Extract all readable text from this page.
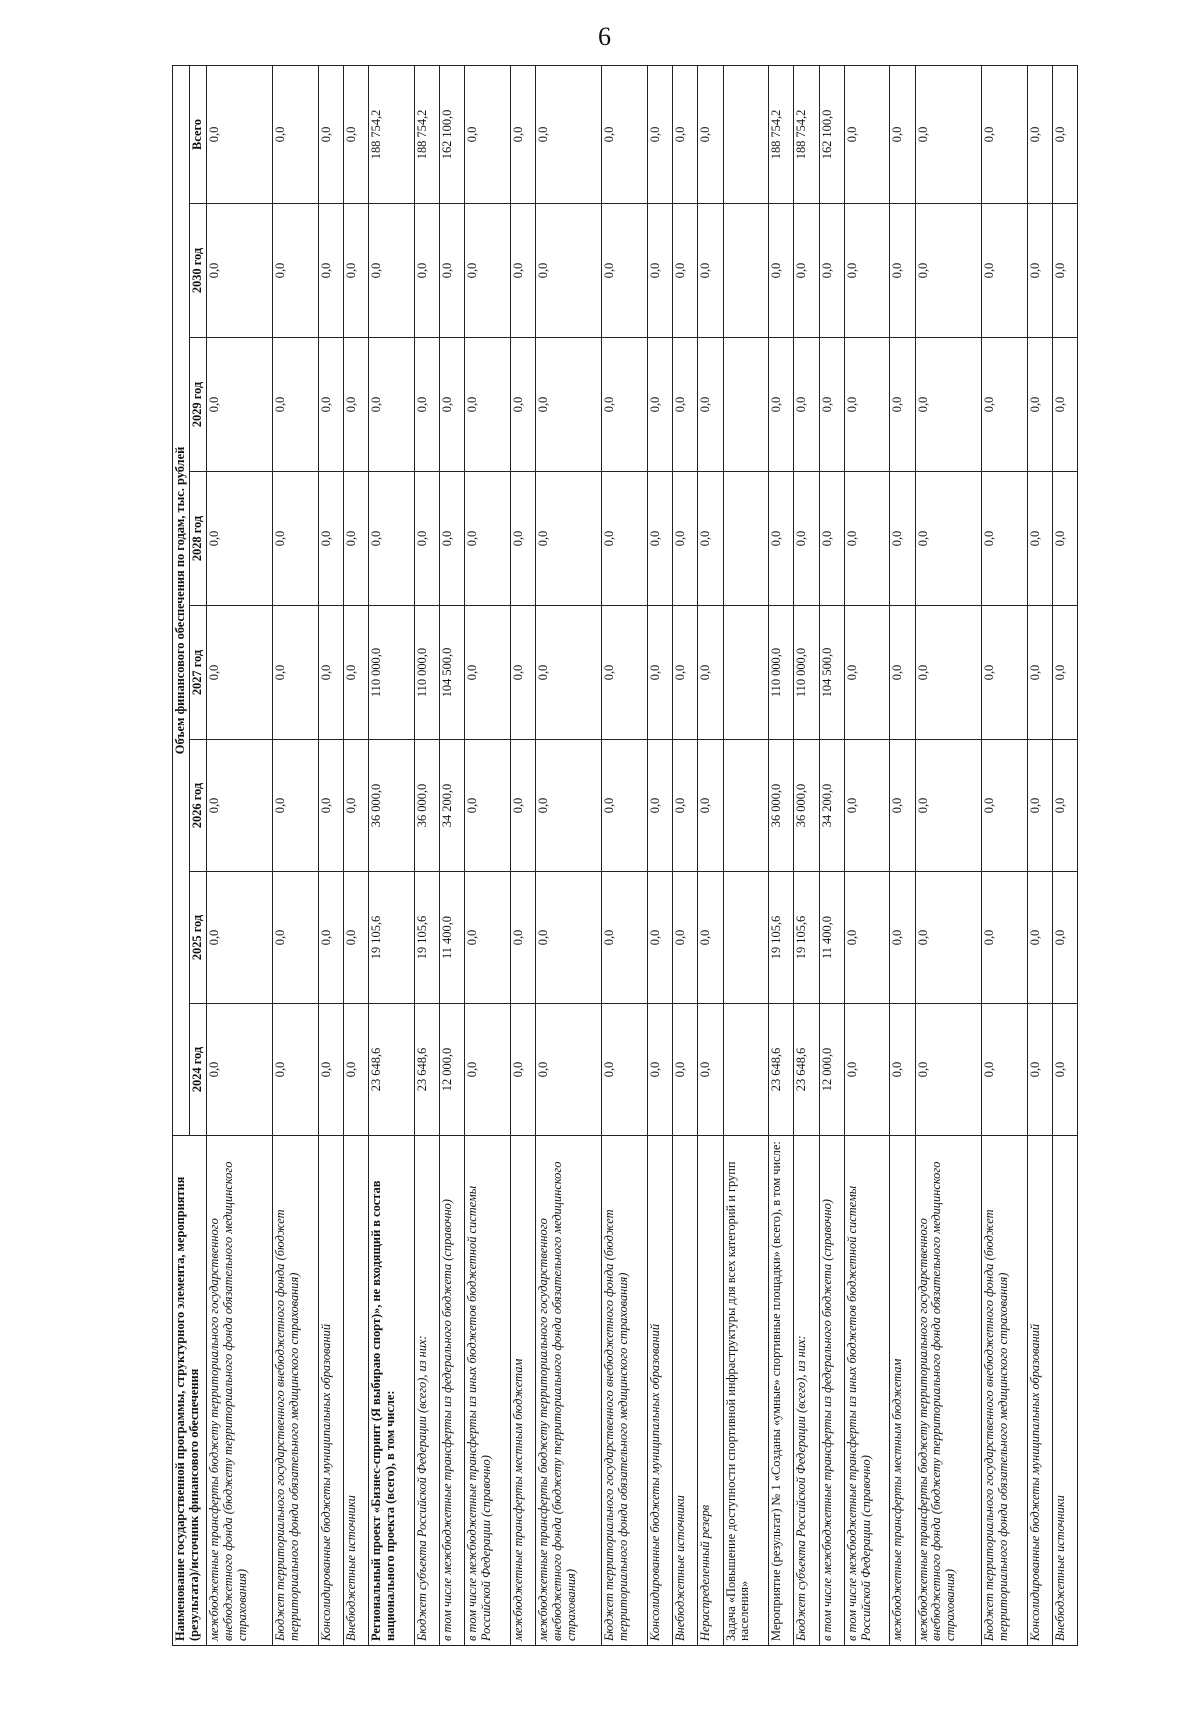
6
Наименование государственной программы, структурного элемента, мероприятия (результата)/источник финансового обеспечения	Объем финансового обеспечения по годам, тыс. рублей							
	2024 год	2025 год	2026 год	2027 год	2028 год	2029 год	2030 год	Всего
межбюджетные трансферты бюджету территориального государственного внебюджетного фонда (бюджету территориального фонда обязательного медицинского страхования)	0,0	0,0	0,0	0,0	0,0	0,0	0,0	0,0
Бюджет территориального государственного внебюджетного фонда (бюджет территориального фонда обязательного медицинского страхования)	0,0	0,0	0,0	0,0	0,0	0,0	0,0	0,0
Консолидированные бюджеты муниципальных образований	0,0	0,0	0,0	0,0	0,0	0,0	0,0	0,0
Внебюджетные источники	0,0	0,0	0,0	0,0	0,0	0,0	0,0	0,0
Региональный проект «Бизнес-спринт (Я выбираю спорт)», не входящий в состав национального проекта (всего), в том числе:	23 648,6	19 105,6	36 000,0	110 000,0	0,0	0,0	0,0	188 754,2
Бюджет субъекта Российской Федерации (всего), из них:	23 648,6	19 105,6	36 000,0	110 000,0	0,0	0,0	0,0	188 754,2
в том числе межбюджетные трансферты из федерального бюджета (справочно)	12 000,0	11 400,0	34 200,0	104 500,0	0,0	0,0	0,0	162 100,0
в том числе межбюджетные трансферты из иных бюджетов бюджетной системы Российской Федерации (справочно)	0,0	0,0	0,0	0,0	0,0	0,0	0,0	0,0
межбюджетные трансферты местным бюджетам	0,0	0,0	0,0	0,0	0,0	0,0	0,0	0,0
межбюджетные трансферты бюджету территориального государственного внебюджетного фонда (бюджету территориального фонда обязательного медицинского страхования)	0,0	0,0	0,0	0,0	0,0	0,0	0,0	0,0
Бюджет территориального государственного внебюджетного фонда (бюджет территориального фонда обязательного медицинского страхования)	0,0	0,0	0,0	0,0	0,0	0,0	0,0	0,0
Консолидированные бюджеты муниципальных образований	0,0	0,0	0,0	0,0	0,0	0,0	0,0	0,0
Внебюджетные источники	0,0	0,0	0,0	0,0	0,0	0,0	0,0	0,0
Нераспределенный резерв	0,0	0,0	0,0	0,0	0,0	0,0	0,0	0,0
Задача «Повышение доступности спортивной инфраструктуры для всех категорий и групп населения»								
Мероприятие (результат) № 1 «Созданы «умные» спортивные площадки» (всего), в том числе:	23 648,6	19 105,6	36 000,0	110 000,0	0,0	0,0	0,0	188 754,2
Бюджет субъекта Российской Федерации (всего), из них:	23 648,6	19 105,6	36 000,0	110 000,0	0,0	0,0	0,0	188 754,2
в том числе межбюджетные трансферты из федерального бюджета (справочно)	12 000,0	11 400,0	34 200,0	104 500,0	0,0	0,0	0,0	162 100,0
в том числе межбюджетные трансферты из иных бюджетов бюджетной системы Российской Федерации (справочно)	0,0	0,0	0,0	0,0	0,0	0,0	0,0	0,0
межбюджетные трансферты местным бюджетам	0,0	0,0	0,0	0,0	0,0	0,0	0,0	0,0
межбюджетные трансферты бюджету территориального государственного внебюджетного фонда (бюджету территориального фонда обязательного медицинского страхования)	0,0	0,0	0,0	0,0	0,0	0,0	0,0	0,0
Бюджет территориального государственного внебюджетного фонда (бюджет территориального фонда обязательного медицинского страхования)	0,0	0,0	0,0	0,0	0,0	0,0	0,0	0,0
Консолидированные бюджеты муниципальных образований	0,0	0,0	0,0	0,0	0,0	0,0	0,0	0,0
Внебюджетные источники	0,0	0,0	0,0	0,0	0,0	0,0	0,0	0,0
